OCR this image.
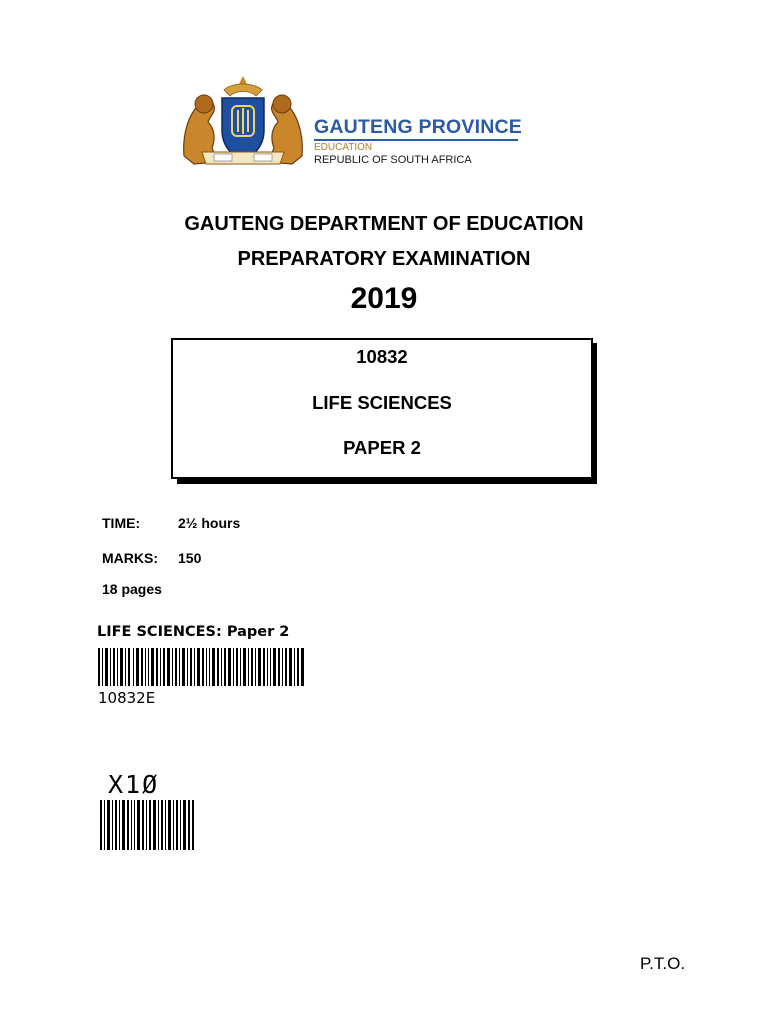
GAUTENG PROVINCE
EDUCATION
REPUBLIC OF SOUTH AFRICA
GAUTENG DEPARTMENT OF EDUCATION
PREPARATORY EXAMINATION
2019
10832
LIFE SCIENCES
PAPER 2
TIME:	2½ hours
MARKS: 150
18 pages
LIFE SCIENCES: Paper 2
10832E
X1Ø
P.T.O.
